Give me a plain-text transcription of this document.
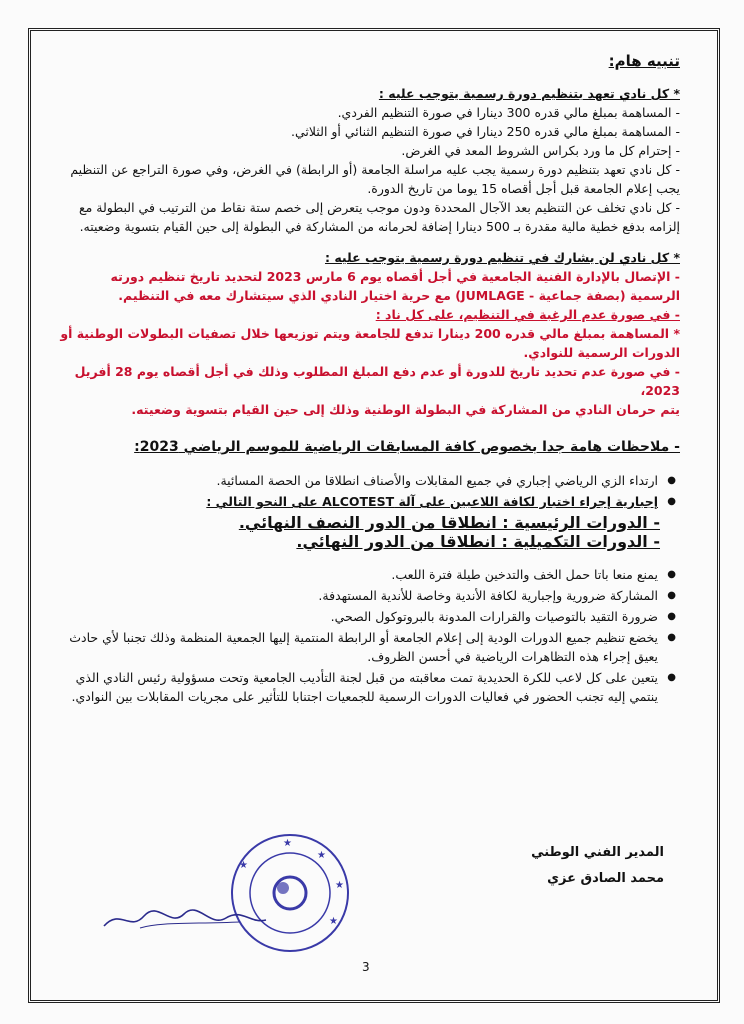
تنبيه هام:
* كل نادي تعهد بتنظيم دورة رسمية يتوجب عليه :
- المساهمة بمبلغ مالي قدره 300 دينارا في صورة التنظيم الفردي.
- المساهمة بمبلغ مالي قدره 250 دينارا في صورة التنظيم الثنائي أو الثلاثي.
- إحترام كل ما ورد بكراس الشروط المعد في الغرض.
- كل نادي تعهد بتنظيم دورة رسمية يجب عليه مراسلة الجامعة (أو الرابطة) في الغرض، وفي صورة التراجع عن التنظيم يجب إعلام الجامعة قبل أجل أقصاه 15 يوما من تاريخ الدورة.
- كل نادي تخلف عن التنظيم بعد الآجال المحددة ودون موجب يتعرض إلى خصم ستة نقاط من الترتيب في البطولة مع إلزامه بدفع خطية مالية مقدرة بـ 500 دينارا إضافة لحرمانه من المشاركة في البطولة إلى حين القيام بتسوية وضعيته.
* كل نادي لن يشارك في تنظيم دورة رسمية يتوجب عليه :
- الإتصال بالإدارة الفنية الجامعية في أجل أقصاه يوم 6 مارس 2023 لتحديد تاريخ تنظيم دورته الرسمية (بصفة جماعية - JUMLAGE) مع حرية اختيار النادي الذي سيتشارك معه في التنظيم.
- في صورة عدم الرغبة في التنظيم، على كل ناد :
* المساهمة بمبلغ مالي قدره 200 دينارا تدفع للجامعة ويتم توزيعها خلال تصفيات البطولات الوطنية أو الدورات الرسمية للنوادي.
- في صورة عدم تحديد تاريخ للدورة أو عدم دفع المبلغ المطلوب وذلك في أجل أقصاه يوم 28 أفريل 2023،
يتم حرمان النادي من المشاركة في البطولة الوطنية وذلك إلى حين القيام بتسوية وضعيته.
- ملاحظات هامة جدا بخصوص كافة المسابقات الرياضية للموسم الرياضي 2023:
● ارتداء الزي الرياضي إجباري في جميع المقابلات والأصناف انطلاقا من الحصة المسائية.
● إجبارية إجراء اختبار لكافة اللاعبين على آلة ALCOTEST على النحو التالي :
- الدورات الرئيسية : انطلاقا من الدور النصف النهائي.
- الدورات التكميلية : انطلاقا من الدور النهائي.
● يمنع منعا باتا حمل الخف والتدخين طيلة فترة اللعب.
● المشاركة ضرورية وإجبارية لكافة الأندية وخاصة للأندية المستهدفة.
● ضرورة التقيد بالتوصيات والقرارات المدونة بالبروتوكول الصحي.
● يخضع تنظيم جميع الدورات الودية إلى إعلام الجامعة أو الرابطة المنتمية إليها الجمعية المنظمة وذلك تجنبا لأي حادث يعيق إجراء هذه التظاهرات الرياضية في أحسن الظروف.
● يتعين على كل لاعب للكرة الحديدية تمت معاقبته من قبل لجنة التأديب الجامعية وتحت مسؤولية رئيس النادي الذي ينتمي إليه تجنب الحضور في فعاليات الدورات الرسمية للجمعيات اجتنابا للتأثير على مجريات المقابلات بين النوادي.
★
★
★
★
★
المدير الفني الوطني
محمد الصادق عزي
3
